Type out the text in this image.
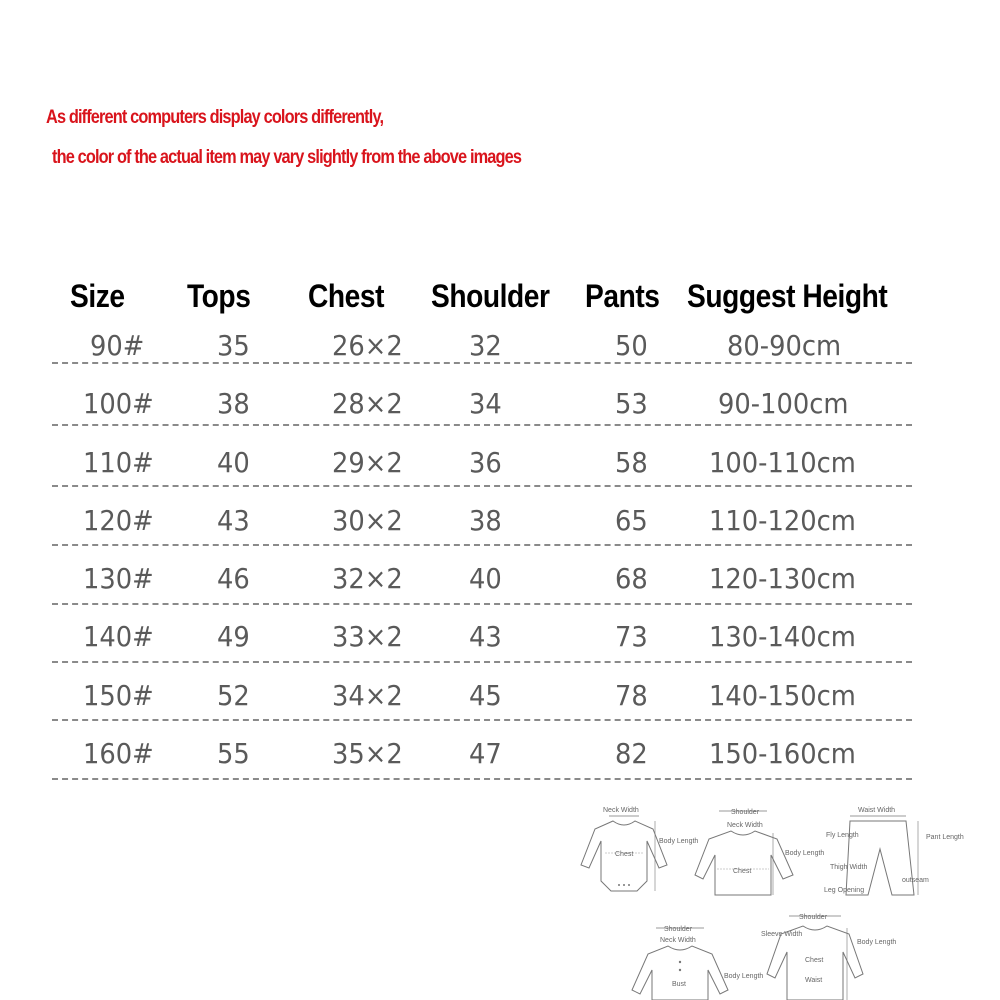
As different computers display colors differently,
the color of the actual item may vary slightly from the above images
Size Tops Chest Shoulder Pants Suggest Height
90#	35	26×2 32	50	80-90cm
100# 38	28×2 34	53	90-100cm
110# 40	29×2 36	58 100-110cm
120# 43	30×2 38	65 110-120cm
130# 46	32×2 40	68 120-130cm
140# 49	33×2 43	73 130-140cm
150# 52	34×2 45	78 140-150cm
160# 55	35×2 47	82 150-160cm
Neck Width
Chest
Body Length
Shoulder
Neck Width
Chest
Body Length
Waist Width
Fly Length
Thigh Width
Leg Opening
Pant Length
outseam
Shoulder
Neck Width
Bust
Body Length
Shoulder
Sleeve Width
Chest
Waist
Body Length
